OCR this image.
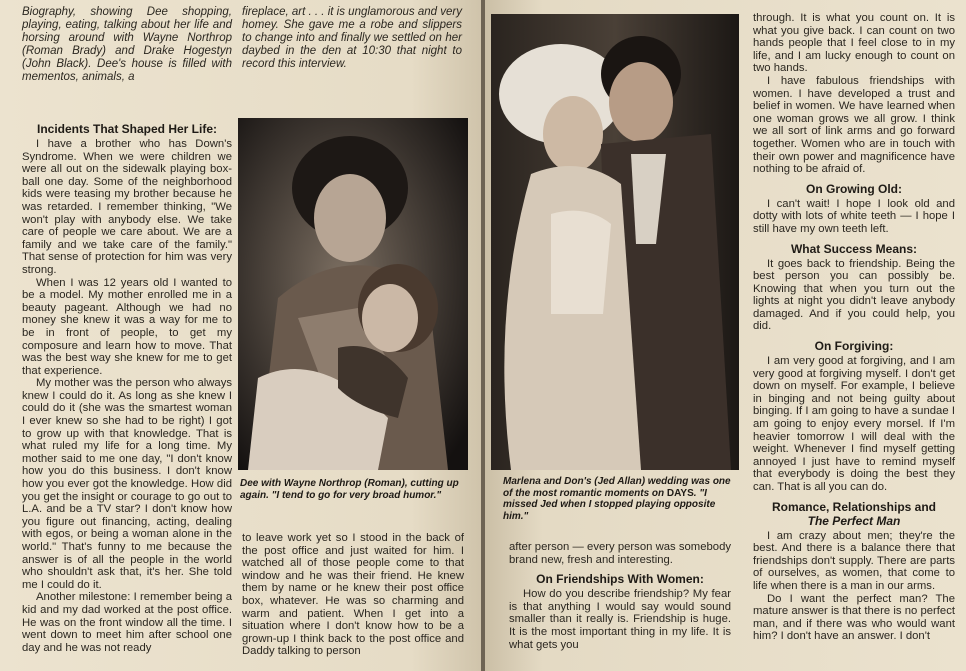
Biography, showing Dee shopping, playing, eating, talking about her life and horsing around with Wayne Northrop (Roman Brady) and Drake Hogestyn (John Black). Dee's house is filled with mementos, animals, a
fireplace, art . . . it is unglamorous and very homey. She gave me a robe and slippers to change into and finally we settled on her daybed in the den at 10:30 that night to record this interview.
Incidents That Shaped Her Life:

I have a brother who has Down's Syndrome. When we were children we were all out on the sidewalk playing box-ball one day. Some of the neighborhood kids were teasing my brother because he was retarded. I remember thinking, "We won't play with anybody else. We take care of people we care about. We are a family and we take care of the family." That sense of protection for him was very strong.

When I was 12 years old I wanted to be a model. My mother enrolled me in a beauty pageant. Although we had no money she knew it was a way for me to be in front of people, to get my composure and learn how to move. That was the best way she knew for me to get that experience.

My mother was the person who always knew I could do it. As long as she knew I could do it (she was the smartest woman I ever knew so she had to be right) I got to grow up with that knowledge. That is what ruled my life for a long time. My mother said to me one day, "I don't know how you do this business. I don't know how you ever got the knowledge. How did you get the insight or courage to go out to L.A. and be a TV star? I don't know how you figure out financing, acting, dealing with egos, or being a woman alone in the world." That's funny to me because the answer is of all the people in the world who shouldn't ask that, it's her. She told me I could do it.

Another milestone: I remember being a kid and my dad worked at the post office. He was on the front window all the time. I went down to meet him after school one day and he was not ready

Dee with Wayne Northrop (Roman), cutting up again. "I tend to go for very broad humor."

to leave work yet so I stood in the back of the post office and just waited for him. I watched all of those people come to that window and he was their friend. He knew them by name or he knew their post office box, whatever. He was so charming and warm and patient. When I get into a situation where I don't know how to be a grown-up I think back to the post office and Daddy talking to person

Marlena and Don's (Jed Allan) wedding was one of the most romantic moments on DAYS. "I missed Jed when I stopped playing opposite him."

after person — every person was somebody brand new, fresh and interesting.

On Friendships With Women:

How do you describe friendship? My fear is that anything I would say would sound smaller than it really is. Friendship is huge. It is the most important thing in my life. It is what gets you

through. It is what you count on. It is what you give back. I can count on two hands people that I feel close to in my life, and I am lucky enough to count on two hands.

I have fabulous friendships with women. I have developed a trust and belief in women. We have learned when one woman grows we all grow. I think we all sort of link arms and go forward together. Women who are in touch with their own power and magnificence have nothing to be afraid of.

On Growing Old:

I can't wait! I hope I look old and dotty with lots of white teeth — I hope I still have my own teeth left.

What Success Means:

It goes back to friendship. Being the best person you can possibly be. Knowing that when you turn out the lights at night you didn't leave anybody damaged. And if you could help, you did.

On Forgiving:

I am very good at forgiving, and I am very good at forgiving myself. I don't get down on myself. For example, I believe in binging and not being guilty about binging. If I am going to have a sundae I am going to enjoy every morsel. If I'm heavier tomorrow I will deal with the weight. Whenever I find myself getting annoyed I just have to remind myself that everybody is doing the best they can. That is all you can do.

Romance, Relationships and
The Perfect Man

I am crazy about men; they're the best. And there is a balance there that friendships don't supply. There are parts of ourselves, as women, that come to life when there is a man in our arms.

Do I want the perfect man? The mature answer is that there is no perfect man, and if there was who would want him? I don't have an answer. I don't
